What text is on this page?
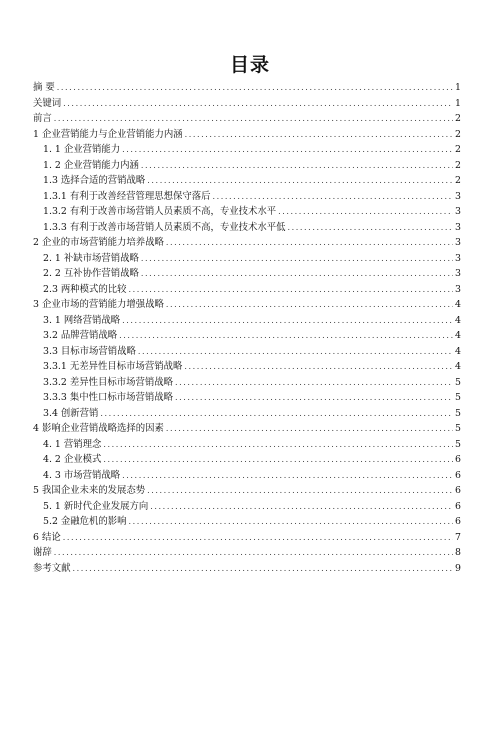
目录
摘 要 .....	1
关键词 .....	1
前言 .....	2
1 企业营销能力与企业营销能力内涵 .....	2
1. 1 企业营销能力 .....	2
1. 2 企业营销能力内涵 .....	2
1.3 选择合适的营销战略 .....	2
1.3.1 有利于改善经营管理思想保守落后 .....	3
1.3.2 有利于改善市场营销人员素质不高，专业技术水平 .....	3
1.3.3 有利于改善市场营销人员素质不高，专业技术水平低 .....	3
2 企业的市场营销能力培养战略 .....	3
2. 1 补缺市场营销战略 .....	3
2. 2 互补协作营销战略 .....	3
2.3 两种模式的比较 .....	3
3 企业市场的营销能力增强战略 .....	4
3. 1 网络营销战略 .....	4
3.2 品牌营销战略 .....	4
3.3 目标市场营销战略 .....	4
3.3.1 无差异性目标市场营销战略 .....	4
3.3.2 差异性目标市场营销战略 .....	5
3.3.3 集中性口标市场营销战略 .....	5
3.4 创新营销 .....	5
4 影响企业营销战略选择的因素 .....	5
4. 1 营销理念 .....	5
4. 2 企业模式 .....	6
4. 3 市场营销战略 .....	6
5 我国企业未来的发展态势 .....	6
5. 1 新时代企业发展方向 .....	6
5.2 金融危机的影响 .....	6
6 结论 .....	7
谢辞 .....	8
参考文献 .....	9
